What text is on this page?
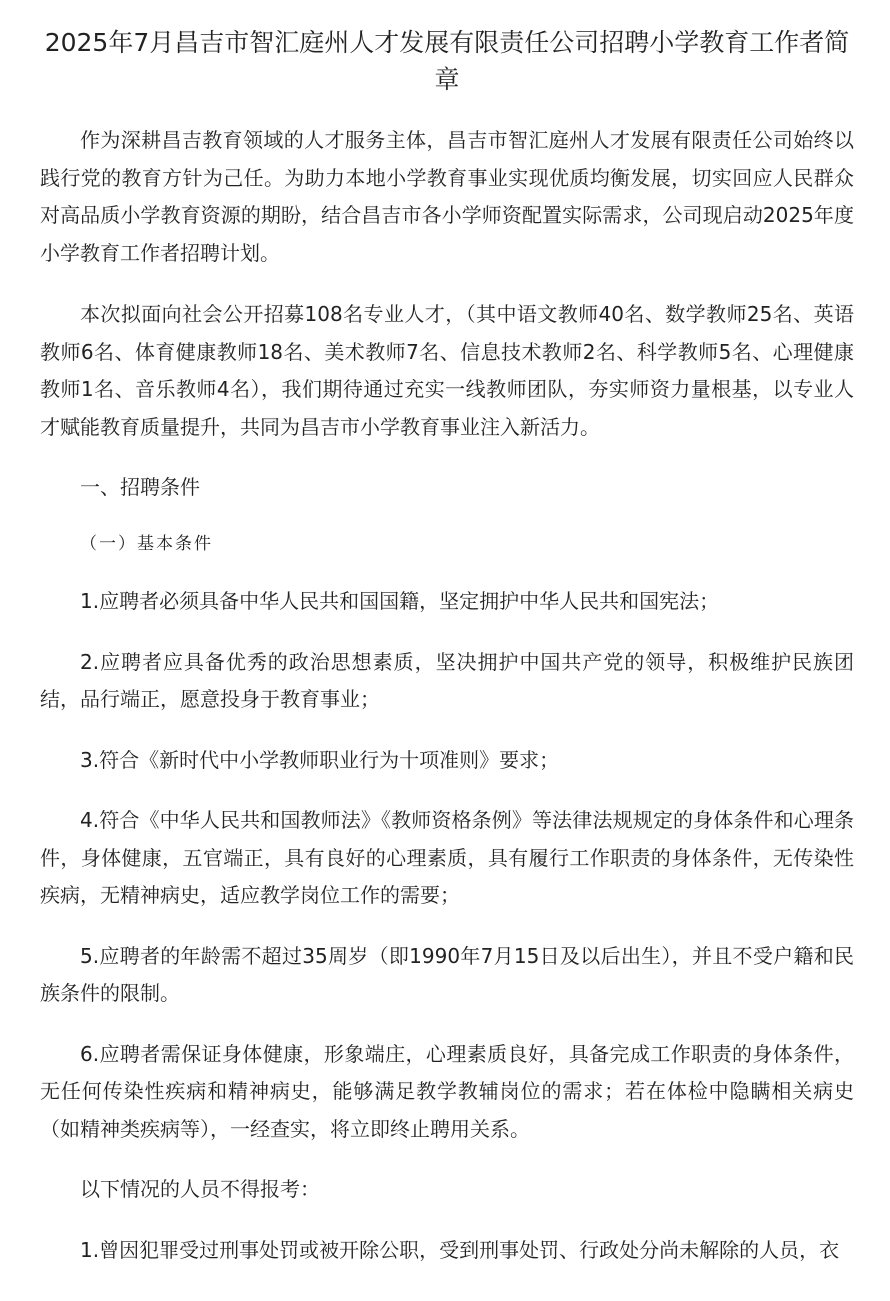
2025年7月昌吉市智汇庭州人才发展有限责任公司招聘小学教育工作者简章

作为深耕昌吉教育领域的人才服务主体，昌吉市智汇庭州人才发展有限责任公司始终以践行党的教育方针为己任。为助力本地小学教育事业实现优质均衡发展，切实回应人民群众对高品质小学教育资源的期盼，结合昌吉市各小学师资配置实际需求，公司现启动2025年度小学教育工作者招聘计划。

本次拟面向社会公开招募108名专业人才，（其中语文教师40名、数学教师25名、英语教师6名、体育健康教师18名、美术教师7名、信息技术教师2名、科学教师5名、心理健康教师1名、音乐教师4名），我们期待通过充实一线教师团队，夯实师资力量根基，以专业人才赋能教育质量提升，共同为昌吉市小学教育事业注入新活力。

一、招聘条件

（一）基本条件

1.应聘者必须具备中华人民共和国国籍，坚定拥护中华人民共和国宪法；

2.应聘者应具备优秀的政治思想素质，坚决拥护中国共产党的领导，积极维护民族团结，品行端正，愿意投身于教育事业；

3.符合《新时代中小学教师职业行为十项准则》要求；

4.符合《中华人民共和国教师法》《教师资格条例》等法律法规规定的身体条件和心理条件，身体健康，五官端正，具有良好的心理素质，具有履行工作职责的身体条件，无传染性疾病，无精神病史，适应教学岗位工作的需要；

5.应聘者的年龄需不超过35周岁（即1990年7月15日及以后出生），并且不受户籍和民族条件的限制。

6.应聘者需保证身体健康，形象端庄，心理素质良好，具备完成工作职责的身体条件，无任何传染性疾病和精神病史，能够满足教学教辅岗位的需求；若在体检中隐瞒相关病史（如精神类疾病等），一经查实，将立即终止聘用关系。

以下情况的人员不得报考：

1.曾因犯罪受过刑事处罚或被开除公职，受到刑事处罚、行政处分尚未解除的人员，衣
